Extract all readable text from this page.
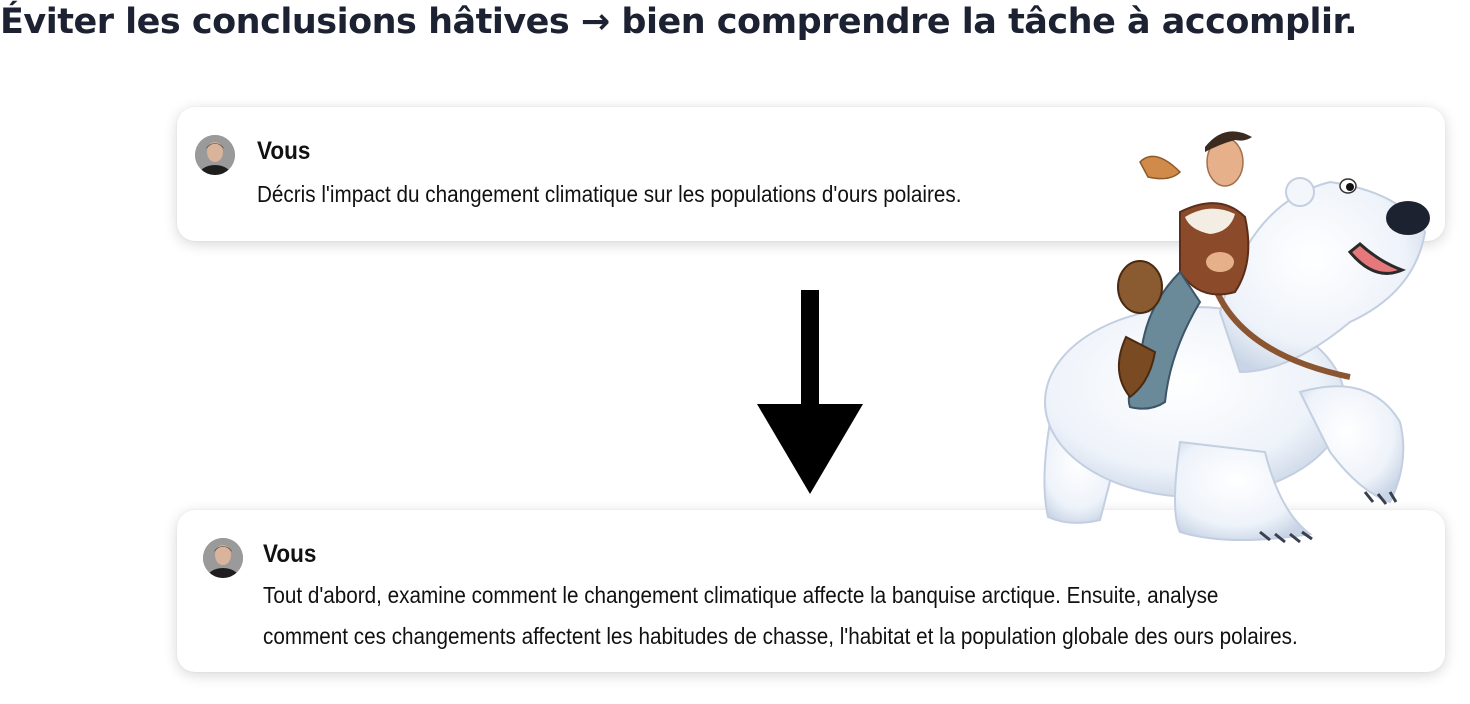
Éviter les conclusions hâtives → bien comprendre la tâche à accomplir.
Vous
Décris l'impact du changement climatique sur les populations d'ours polaires.
Vous
Tout d'abord, examine comment le changement climatique affecte la banquise arctique. Ensuite, analyse
comment ces changements affectent les habitudes de chasse, l'habitat et la population globale des ours polaires.
